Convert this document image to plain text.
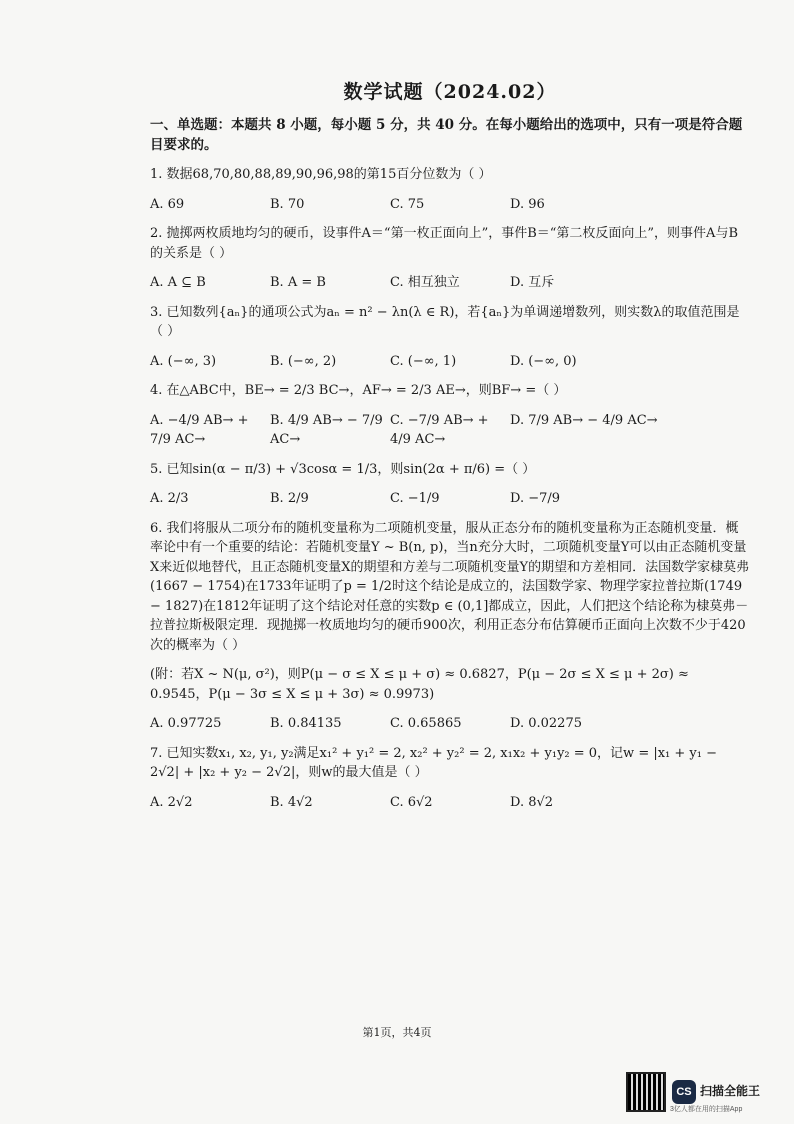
数学试题（2024.02）
一、单选题：本题共 8 小题，每小题 5 分，共 40 分。在每小题给出的选项中，只有一项是符合题目要求的。
1. 数据68,70,80,88,89,90,96,98的第15百分位数为（ ）
A. 69	B. 70	C. 75	D. 96
2. 抛掷两枚质地均匀的硬币，设事件A＝“第一枚正面向上”，事件B＝“第二枚反面向上”，则事件A与B的关系是（ ）
A. A ⊆ B	B. A = B	C. 相互独立	D. 互斥
3. 已知数列{aₙ}的通项公式为aₙ = n² − λn(λ ∈ R)，若{aₙ}为单调递增数列，则实数λ的取值范围是（ ）
A. (−∞, 3)	B. (−∞, 2)	C. (−∞, 1)	D. (−∞, 0)
4. 在△ABC中，BE→ = 2/3 BC→，AF→ = 2/3 AE→，则BF→ =（ ）
A. −4/9 AB→ + 7/9 AC→
B. 4/9 AB→ − 7/9 AC→
C. −7/9 AB→ + 4/9 AC→
D. 7/9 AB→ − 4/9 AC→
5. 已知sin(α − π/3) + √3cosα = 1/3，则sin(2α + π/6) =（ ）
A. 2/3	B. 2/9	C. −1/9	D. −7/9
6. 我们将服从二项分布的随机变量称为二项随机变量，服从正态分布的随机变量称为正态随机变量．概率论中有一个重要的结论：若随机变量Y ~ B(n, p)，当n充分大时，二项随机变量Y可以由正态随机变量X来近似地替代，且正态随机变量X的期望和方差与二项随机变量Y的期望和方差相同．法国数学家棣莫弗(1667 − 1754)在1733年证明了p = 1/2时这个结论是成立的，法国数学家、物理学家拉普拉斯(1749 − 1827)在1812年证明了这个结论对任意的实数p ∈ (0,1]都成立，因此，人们把这个结论称为棣莫弗－拉普拉斯极限定理．现抛掷一枚质地均匀的硬币900次，利用正态分布估算硬币正面向上次数不少于420次的概率为（ ）
(附：若X ~ N(μ, σ²)，则P(μ − σ ≤ X ≤ μ + σ) ≈ 0.6827，P(μ − 2σ ≤ X ≤ μ + 2σ) ≈ 0.9545，P(μ − 3σ ≤ X ≤ μ + 3σ) ≈ 0.9973)
A. 0.97725	B. 0.84135	C. 0.65865	D. 0.02275
7. 已知实数x₁, x₂, y₁, y₂满足x₁² + y₁² = 2, x₂² + y₂² = 2, x₁x₂ + y₁y₂ = 0，记w = |x₁ + y₁ − 2√2| + |x₂ + y₂ − 2√2|，则w的最大值是（ ）
A. 2√2	B. 4√2	C. 6√2	D. 8√2
第1页，共4页
CS 扫描全能王
3亿人都在用的扫描App
